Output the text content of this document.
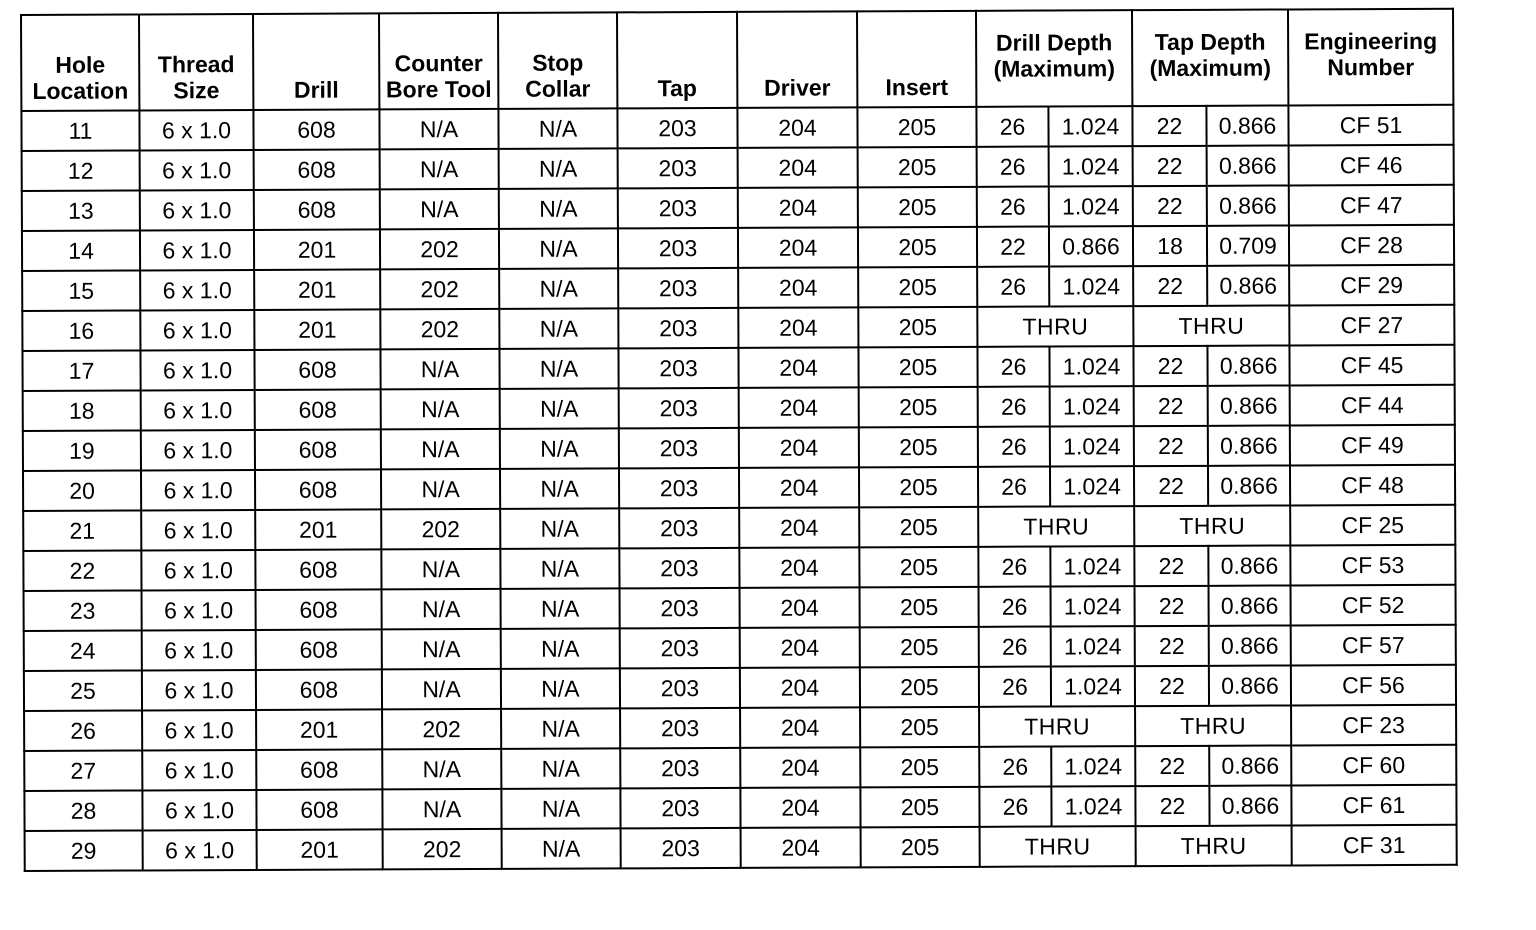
Hole Location	Thread Size	Drill	Counter Bore Tool	Stop Collar	Tap	Driver	Insert	Drill Depth (Maximum)		Tap Depth (Maximum)		Engineering Number
11	6 x 1.0	608	N/A	N/A	203	204	205	26	1.024	22	0.866	CF 51
12	6 x 1.0	608	N/A	N/A	203	204	205	26	1.024	22	0.866	CF 46
13	6 x 1.0	608	N/A	N/A	203	204	205	26	1.024	22	0.866	CF 47
14	6 x 1.0	201	202	N/A	203	204	205	22	0.866	18	0.709	CF 28
15	6 x 1.0	201	202	N/A	203	204	205	26	1.024	22	0.866	CF 29
16	6 x 1.0	201	202	N/A	203	204	205	THRU		THRU		CF 27
17	6 x 1.0	608	N/A	N/A	203	204	205	26	1.024	22	0.866	CF 45
18	6 x 1.0	608	N/A	N/A	203	204	205	26	1.024	22	0.866	CF 44
19	6 x 1.0	608	N/A	N/A	203	204	205	26	1.024	22	0.866	CF 49
20	6 x 1.0	608	N/A	N/A	203	204	205	26	1.024	22	0.866	CF 48
21	6 x 1.0	201	202	N/A	203	204	205	THRU		THRU		CF 25
22	6 x 1.0	608	N/A	N/A	203	204	205	26	1.024	22	0.866	CF 53
23	6 x 1.0	608	N/A	N/A	203	204	205	26	1.024	22	0.866	CF 52
24	6 x 1.0	608	N/A	N/A	203	204	205	26	1.024	22	0.866	CF 57
25	6 x 1.0	608	N/A	N/A	203	204	205	26	1.024	22	0.866	CF 56
26	6 x 1.0	201	202	N/A	203	204	205	THRU		THRU		CF 23
27	6 x 1.0	608	N/A	N/A	203	204	205	26	1.024	22	0.866	CF 60
28	6 x 1.0	608	N/A	N/A	203	204	205	26	1.024	22	0.866	CF 61
29	6 x 1.0	201	202	N/A	203	204	205	THRU		THRU		CF 31
